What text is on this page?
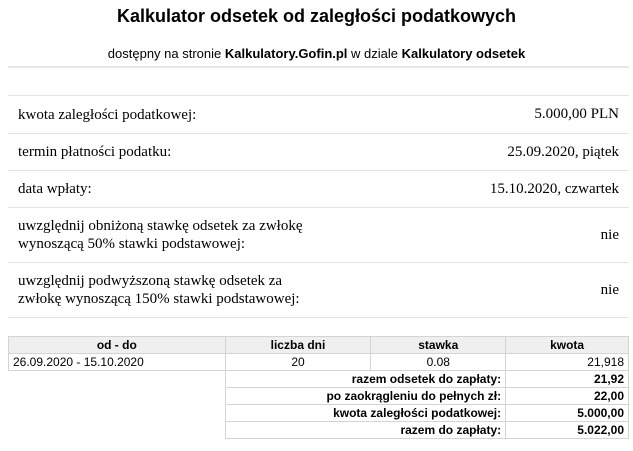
Kalkulator odsetek od zaległości podatkowych
dostępny na stronie Kalkulatory.Gofin.pl w dziale Kalkulatory odsetek
kwota zaległości podatkowej:	5.000,00 PLN
termin płatności podatku:	25.09.2020, piątek
data wpłaty:	15.10.2020, czwartek
uwzględnij obniżoną stawkę odsetek za zwłokę
wynoszącą 50% stawki podstawowej:
nie
uwzględnij podwyższoną stawkę odsetek za
zwłokę wynoszącą 150% stawki podstawowej:
nie
od - do	liczba dni	stawka	kwota
26.09.2020 - 15.10.2020	20	0.08	21,918
	razem odsetek do zapłaty:		21,92
	po zaokrągleniu do pełnych zł:		22,00
	kwota zaległości podatkowej:		5.000,00
	razem do zapłaty:		5.022,00
